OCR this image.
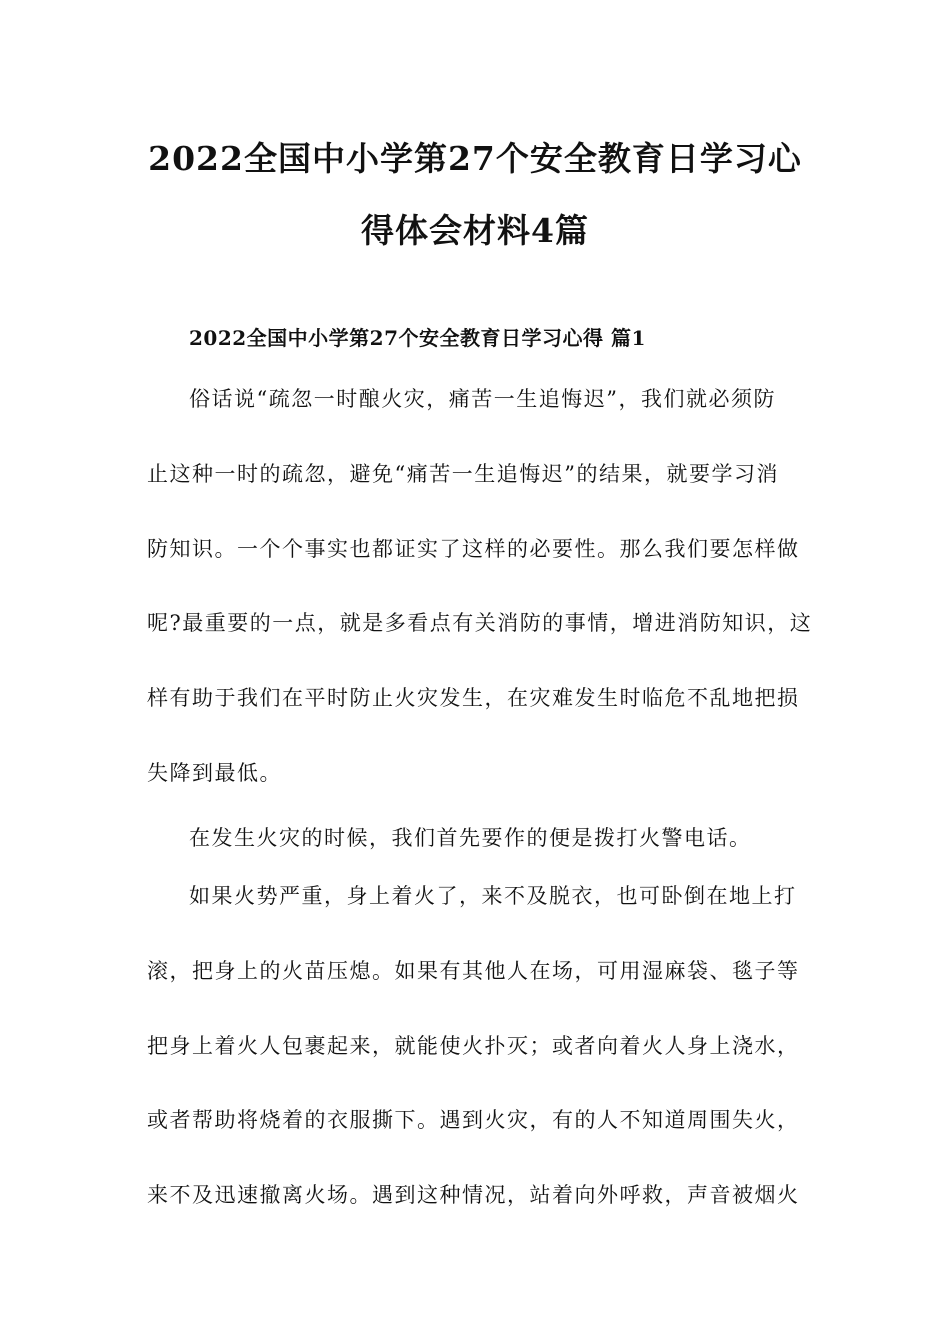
2022全国中小学第27个安全教育日学习心
得体会材料4篇
2022全国中小学第27个安全教育日学习心得 篇1
俗话说“疏忽一时酿火灾，痛苦一生追悔迟”，我们就必须防
止这种一时的疏忽，避免“痛苦一生追悔迟”的结果，就要学习消
防知识。一个个事实也都证实了这样的必要性。那么我们要怎样做
呢?最重要的一点，就是多看点有关消防的事情，增进消防知识，这
样有助于我们在平时防止火灾发生，在灾难发生时临危不乱地把损
失降到最低。
在发生火灾的时候，我们首先要作的便是拨打火警电话。
如果火势严重，身上着火了，来不及脱衣，也可卧倒在地上打
滚，把身上的火苗压熄。如果有其他人在场，可用湿麻袋、毯子等
把身上着火人包裹起来，就能使火扑灭；或者向着火人身上浇水，
或者帮助将烧着的衣服撕下。遇到火灾，有的人不知道周围失火，
来不及迅速撤离火场。遇到这种情况，站着向外呼救，声音被烟火
